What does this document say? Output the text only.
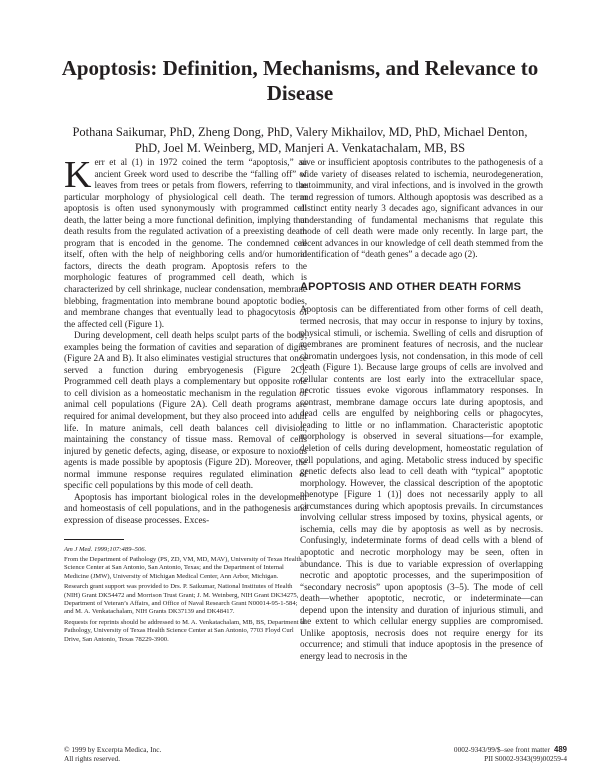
Apoptosis: Definition, Mechanisms, and Relevance to Disease
Pothana Saikumar, PhD, Zheng Dong, PhD, Valery Mikhailov, MD, PhD, Michael Denton, PhD, Joel M. Weinberg, MD, Manjeri A. Venkatachalam, MB, BS

Kerr et al (1) in 1972 coined the term “apoptosis,” an ancient Greek word used to describe the “falling off” of leaves from trees or petals from flowers, referring to the particular morphology of physiological cell death. The term apoptosis is often used synonymously with programmed cell death, the latter being a more functional definition, implying that death results from the regulated activation of a preexisting death program that is encoded in the genome. The condemned cell itself, often with the help of neighboring cells and/or humoral factors, directs the death program. Apoptosis refers to the morphologic features of programmed cell death, which is characterized by cell shrinkage, nuclear condensation, membrane blebbing, fragmentation into membrane bound apoptotic bodies, and membrane changes that eventually lead to phagocytosis of the affected cell (Figure 1).

During development, cell death helps sculpt parts of the body, examples being the formation of cavities and separation of digits (Figure 2A and B). It also eliminates vestigial structures that once served a function during embryogenesis (Figure 2C). Programmed cell death plays a complementary but opposite role to cell division as a homeostatic mechanism in the regulation of animal cell populations (Figure 2A). Cell death programs are required for animal development, but they also proceed into adult life. In mature animals, cell death balances cell division, maintaining the constancy of tissue mass. Removal of cells injured by genetic defects, aging, disease, or exposure to noxious agents is made possible by apoptosis (Figure 2D). Moreover, the normal immune response requires regulated elimination of specific cell populations by this mode of cell death.

Apoptosis has important biological roles in the development and homeostasis of cell populations, and in the pathogenesis and expression of disease processes. Exces-

Am J Med. 1999;107:489–506.

From the Department of Pathology (PS, ZD, VM, MD, MAV), University of Texas Health Science Center at San Antonio, San Antonio, Texas; and the Department of Internal Medicine (JMW), University of Michigan Medical Center, Ann Arbor, Michigan.

Research grant support was provided to Drs. P. Saikumar, National Institutes of Health (NIH) Grant DK54472 and Morrison Trust Grant; J. M. Weinberg, NIH Grant DK34275, Department of Veteran’s Affairs, and Office of Naval Research Grant N00014-95-1-584; and M. A. Venkatachalam, NIH Grants DK37139 and DK48417.

Requests for reprints should be addressed to M. A. Venkatachalam, MB, BS, Department of Pathology, University of Texas Health Science Center at San Antonio, 7703 Floyd Curl Drive, San Antonio, Texas 78229-3900.

sive or insufficient apoptosis contributes to the pathogenesis of a wide variety of diseases related to ischemia, neurodegeneration, autoimmunity, and viral infections, and is involved in the growth and regression of tumors. Although apoptosis was described as a distinct entity nearly 3 decades ago, significant advances in our understanding of fundamental mechanisms that regulate this mode of cell death were made only recently. In large part, the recent advances in our knowledge of cell death stemmed from the identification of “death genes” a decade ago (2).

APOPTOSIS AND OTHER DEATH FORMS

Apoptosis can be differentiated from other forms of cell death, termed necrosis, that may occur in response to injury by toxins, physical stimuli, or ischemia. Swelling of cells and disruption of membranes are prominent features of necrosis, and the nuclear chromatin undergoes lysis, not condensation, in this mode of cell death (Figure 1). Because large groups of cells are involved and cellular contents are lost early into the extracellular space, necrotic tissues evoke vigorous inflammatory responses. In contrast, membrane damage occurs late during apoptosis, and dead cells are engulfed by neighboring cells or phagocytes, leading to little or no inflammation. Characteristic apoptotic morphology is observed in several situations—for example, deletion of cells during development, homeostatic regulation of cell populations, and aging. Metabolic stress induced by specific genetic defects also lead to cell death with “typical” apoptotic morphology. However, the classical description of the apoptotic phenotype [Figure 1 (1)] does not necessarily apply to all circumstances during which apoptosis prevails. In circumstances involving cellular stress imposed by toxins, physical agents, or ischemia, cells may die by apoptosis as well as by necrosis. Confusingly, indeterminate forms of dead cells with a blend of apoptotic and necrotic morphology may be seen, often in abundance. This is due to variable expression of overlapping necrotic and apoptotic processes, and the superimposition of “secondary necrosis” upon apoptosis (3–5). The mode of cell death—whether apoptotic, necrotic, or indeterminate—can depend upon the intensity and duration of injurious stimuli, and the extent to which cellular energy supplies are compromised. Unlike apoptosis, necrosis does not require energy for its occurrence; and stimuli that induce apoptosis in the presence of energy lead to necrosis in the

© 1999 by Excerpta Medica, Inc.
All rights reserved.
0002-9343/99/$–see front matter 489
PII S0002-9343(99)00259-4
